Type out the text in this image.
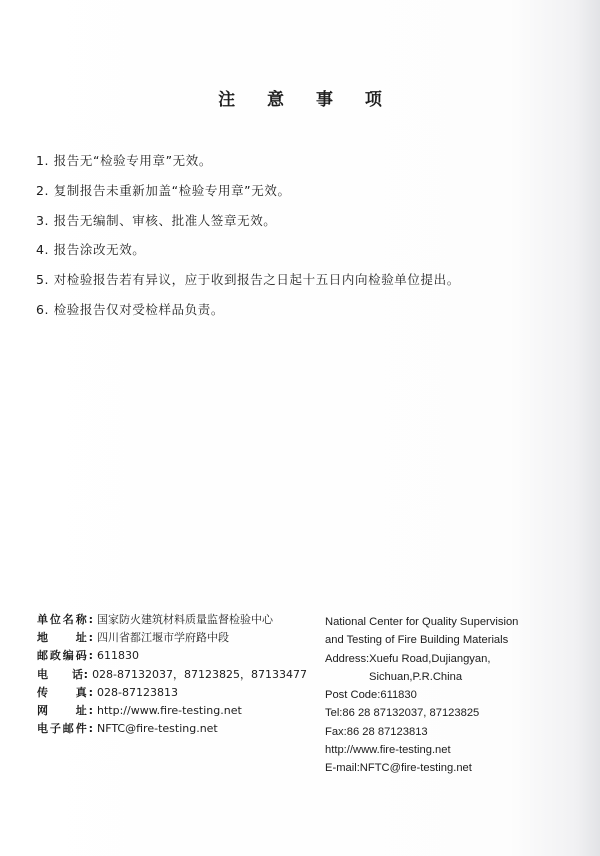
注 意 事 项
1. 报告无“检验专用章”无效。
2. 复制报告未重新加盖“检验专用章”无效。
3. 报告无编制、审核、批准人签章无效。
4. 报告涂改无效。
5. 对检验报告若有异议，应于收到报告之日起十五日内向检验单位提出。
6. 检验报告仅对受检样品负责。
单位名称: 国家防火建筑材料质量监督检验中心
地　　址: 四川省都江堰市学府路中段
邮政编码: 611830
电　　话: 028-87132037，87123825，87133477
传　　真: 028-87123813
网　　址: http://www.fire-testing.net
电子邮件: NFTC@fire-testing.net
National Center for Quality Supervision
and Testing of Fire Building Materials
Address:Xuefu Road,Dujiangyan,
Sichuan,P.R.China
Post Code:611830
Tel:86 28 87132037, 87123825
Fax:86 28 87123813
http://www.fire-testing.net
E-mail:NFTC@fire-testing.net
